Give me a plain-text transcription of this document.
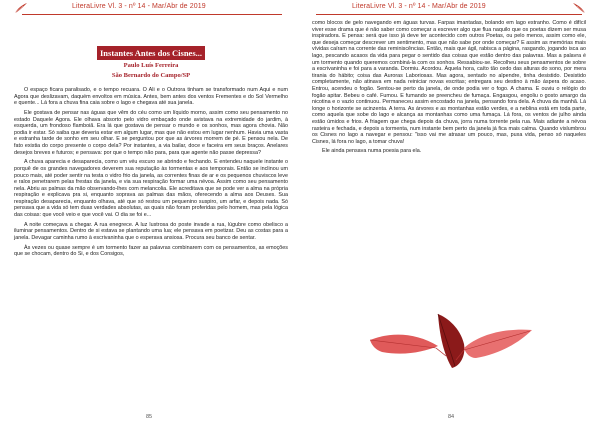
LiteraLivre Vl. 3 - nº 14 - Mar/Abr de 2019
Instantes Antes dos Cisnes...
Paulo Luís Ferreira
São Bernardo do Campo/SP

O espaço ficara paralisado, e o tempo recuara. O Ali e o Outrora tinham se transformado num Aqui e num Agora que deslizavam, daquém envoltos em música. Antes, bem antes dos ventos Frementes e do Sol Vermelho e quente... Lá fora a chuva fina caia sobre o lago e chegava até sua janela.

Ele gostava de pensar nas águas que vêm do céu como um líquido morno, assim como seu pensamento no estado Daquele Agora. Ele olhava absorto pelo vidro embaçado onde avistava na extremidade do jardim, à esquerda, um frondoso flamboiã. Era lá que gostava de pensar o mundo e os sonhos, mas agora chovia. Não podia ir estar. Só saiba que deveria estar em algum lugar, mas que não estou em lugar nenhum. Havia uma vasta e estranha tarde de sonho em seu olhar. E se perguntou por que as árvores morrem de pé. E pensou nela. De fato existia do corpo presente o corpo dela? Por instantes, a via bailar, doce e faceira em seus braços. Anelares desejos breves e futuros; e pensava: por que o tempo não para, para que agente não passe depressa?

A chuva aparecia e desaparecia, como um véu escuro se abrindo e fechando. E entendeu naquele instante o porquê de os grandes navegadores deverem sua reputação às tormentas e aos temporais. Então se inclinou um pouco mais, até poder sentir na testa o vidro frio da janela, as correntes finas de ar e os pequenos chuviscos leve e ralos penetrarem pelas frestas da janela, e via sua respiração formar uma névoa. Assim como seu pensamento nela. Abriu as palmas da mão observando-lhes com melancolia. Ele acreditava que se pode ver a alma na própria respiração e explicava pra si, enquanto soprava as palmas das mãos, oferecendo a alma aos Deuses. Sua respiração desaparecia, enquanto olhava, até que só restou um pequenino suspiro, um arfar, e depois nada. Só pensava que a vida só tem duas verdades absolutas, as quais não foram proferidas pelo homem, mas pela lógica das coisas: que você veio e que você vai. O dia se foi e...

A noite começava a chegar. A rua enegrece. A luz lustrosa do poste invade a rua, lúgubre como obelisco a iluminar pensamentos. Dentro de si estava se plantando uma lua; ele pensava em poetizar. Deu as costas para a janela. Devagar caminha rumo à escrivaninha que o esperava ansiosa. Procura seu banco de sentar.

Às vezes ou quase sempre é um tormento fazer as palavras combinarem com os pensamentos, as emoções que se chocam, dentro do Si, e dos Consigos,

85
LiteraLivre Vl. 3 - nº 14 - Mar/Abr de 2019

como blocos de gelo navegando em águas turvas. Farpas imantadas, bolando em lago estranho. Como é difícil viver esse drama que é não saber como começar a escrever algo que flua naquilo que os poetas dizem ser musa inspiradora. E pensa: será que isso já deve ter acontecido com outros Poetas, ou pelo menos, assim como ele, que deseja começar descrever um sentimento, mas que não sabe por onde começar? E assim as memórias mais vívidas caíram na corrente das reminiscências. Então, mais que ágil, rabisca a página, rasgando, jogando isca ao lago, pescando acasos da vida para pegar o sentido das coisas que estão dentro das palavras. Mas a palavra é um tormento quando queremos combiná-la com os sonhos. Ressabiou-se. Recolheu seus pensamentos de sobre a escrivaninha e foi para a varanda. Dormiu. Acordou. Àquela hora, caíto tão cedo das alturas do sono, por mera tirania do hábito; coisa das Auroras Laboriosas. Mas agora, sentado no alpendre, tinha desistido. Desistido completamente, não atinava em nada reiniciar novas escritas; entregara seu destino à mão áspera do acaso. Entrou, acendeu o fogão. Sentou-se perto da janela, de onde podia ver o fogo. A chama. E ouviu o relógio do fogão apitar. Bebeu o café. Fumou. E fumando se preencheu de fumaça. Engasgou, engoliu o gosto amargo da nicotina e o vazio continuou. Permaneceu assim encostado na janela, pensando fora dela. A chuva da manhã. Lá longe o horizonte se acinzenta. A terra. As árvores e as montanhas estão verdes, e a neblina está em toda parte, como aquela que sobe do lago e alcança as montanhas como uma fumaça. Lá fora, os ventos de julho ainda estão úmidos e frios. A friagem que chega depois da chuva, jorra numa torrente pela rua. Mais adiante a névoa rasteira e fechada, e depois a tormenta, num instante bem perto da janela já fica mais calma. Quando vislumbrou os Cisnes no lago a navegar e pensou: "isso vai me atrasar um pouco, mas, puxa vida, penso só naqueles Cisnes, lá fora no lago, a tomar chuva!

Ele ainda pensava numa poesia para ela.

84
